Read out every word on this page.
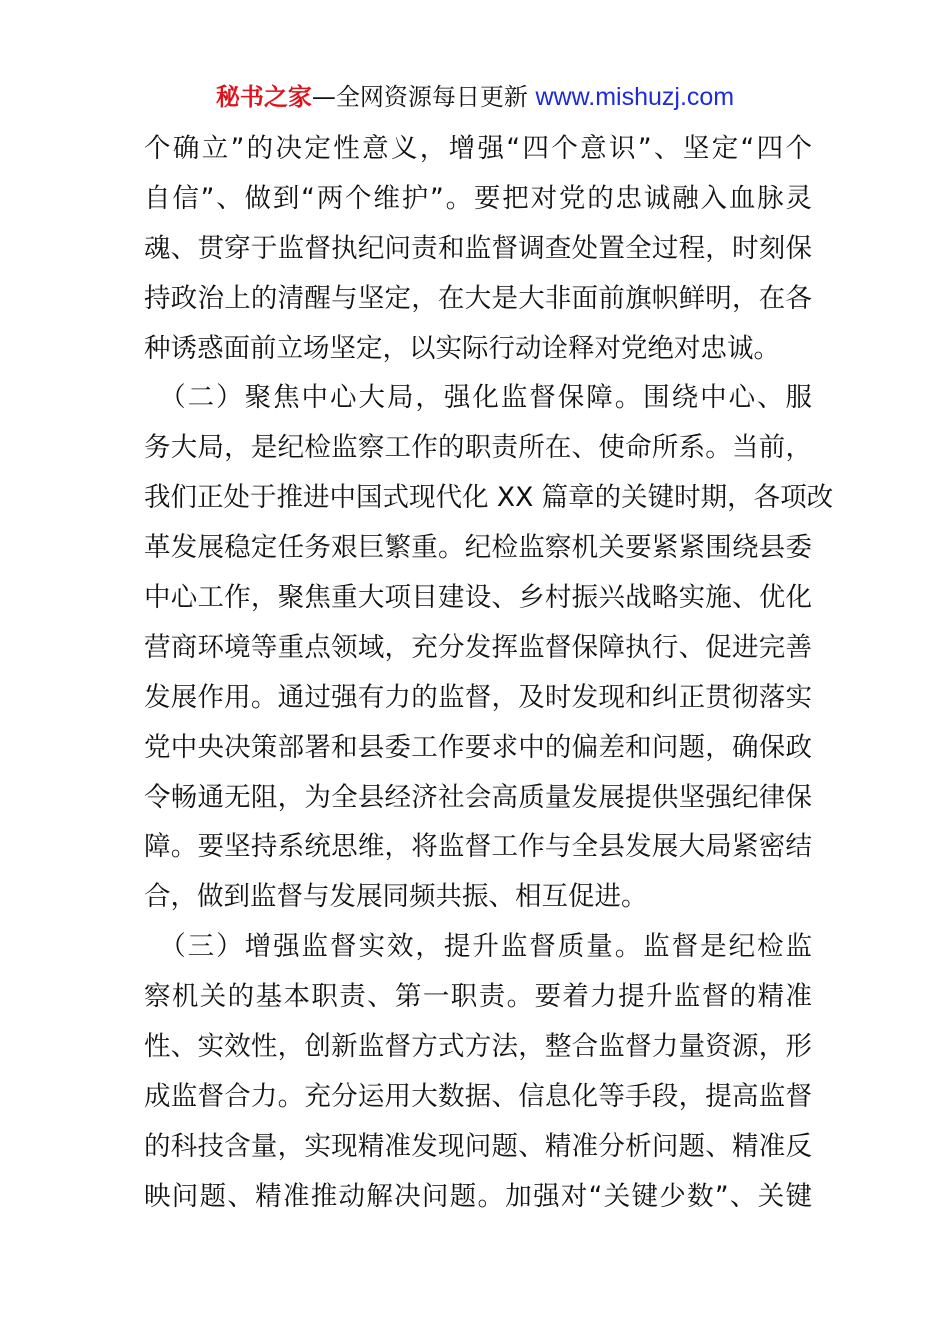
秘书之家—全网资源每日更新 www.mishuzj.com
个确立”的决定性意义，增强“四个意识”、坚定“四个
自信”、做到“两个维护”。要把对党的忠诚融入血脉灵
魂、贯穿于监督执纪问责和监督调查处置全过程，时刻保
持政治上的清醒与坚定，在大是大非面前旗帜鲜明，在各
种诱惑面前立场坚定，以实际行动诠释对党绝对忠诚。
　（二）聚焦中心大局，强化监督保障。围绕中心、服
务大局，是纪检监察工作的职责所在、使命所系。当前，
我们正处于推进中国式现代化 XX 篇章的关键时期，各项改
革发展稳定任务艰巨繁重。纪检监察机关要紧紧围绕县委
中心工作，聚焦重大项目建设、乡村振兴战略实施、优化
营商环境等重点领域，充分发挥监督保障执行、促进完善
发展作用。通过强有力的监督，及时发现和纠正贯彻落实
党中央决策部署和县委工作要求中的偏差和问题，确保政
令畅通无阻，为全县经济社会高质量发展提供坚强纪律保
障。要坚持系统思维，将监督工作与全县发展大局紧密结
合，做到监督与发展同频共振、相互促进。
　（三）增强监督实效，提升监督质量。监督是纪检监
察机关的基本职责、第一职责。要着力提升监督的精准
性、实效性，创新监督方式方法，整合监督力量资源，形
成监督合力。充分运用大数据、信息化等手段，提高监督
的科技含量，实现精准发现问题、精准分析问题、精准反
映问题、精准推动解决问题。加强对“关键少数”、关键
